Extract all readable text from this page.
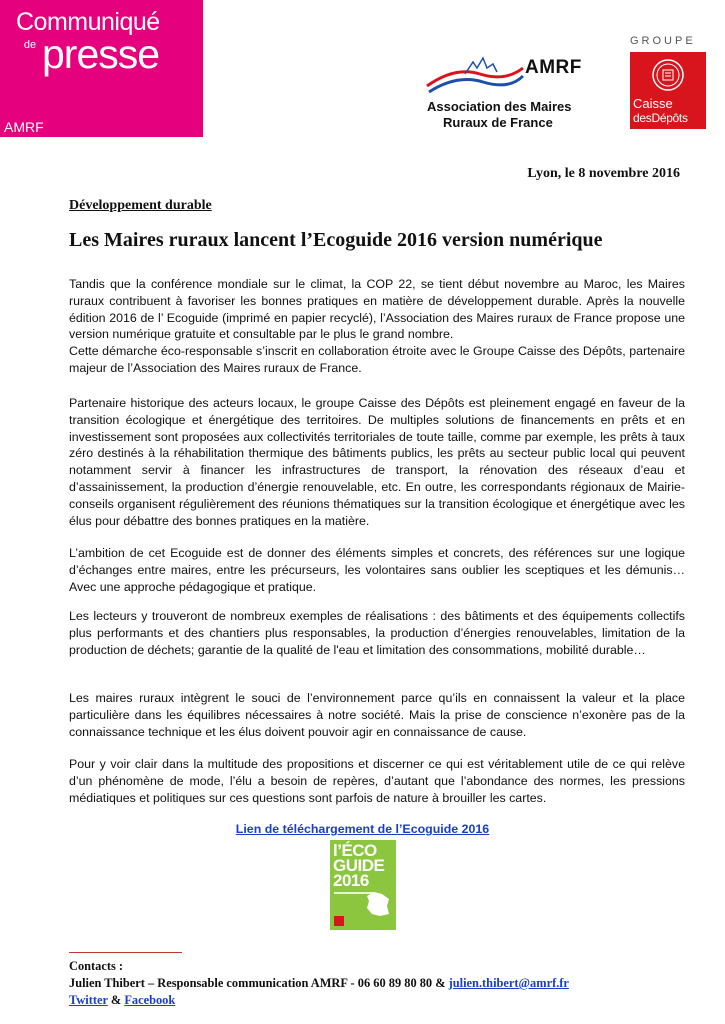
Communiqué
de presse
AMRF
AMRF
Association des Maires
Ruraux de France
GROUPE
Caisse
desDépôts
Lyon, le 8 novembre 2016
Développement durable
Les Maires ruraux lancent l’Ecoguide 2016 version numérique
Tandis que la conférence mondiale sur le climat, la COP 22, se tient début novembre au Maroc, les Maires ruraux contribuent à favoriser les bonnes pratiques en matière de développement durable. Après la nouvelle édition 2016 de l’ Ecoguide (imprimé en papier recyclé), l’Association des Maires ruraux de France propose une version numérique gratuite et consultable par le plus le grand nombre.
Cette démarche éco-responsable s’inscrit en collaboration étroite avec le Groupe Caisse des Dépôts, partenaire majeur de l’Association des Maires ruraux de France.
Partenaire historique des acteurs locaux, le groupe Caisse des Dépôts est pleinement engagé en faveur de la transition écologique et énergétique des territoires. De multiples solutions de financements en prêts et en investissement sont proposées aux collectivités territoriales de toute taille, comme par exemple, les prêts à taux zéro destinés à la réhabilitation thermique des bâtiments publics, les prêts au secteur public local qui peuvent notamment servir à financer les infrastructures de transport, la rénovation des réseaux d’eau et d’assainissement, la production d’énergie renouvelable, etc. En outre, les correspondants régionaux de Mairie-conseils organisent régulièrement des réunions thématiques sur la transition écologique et énergétique avec les élus pour débattre des bonnes pratiques en la matière.
L’ambition de cet Ecoguide est de donner des éléments simples et concrets, des références sur une logique d’échanges entre maires, entre les précurseurs, les volontaires sans oublier les sceptiques et les démunis… Avec une approche pédagogique et pratique.
Les lecteurs y trouveront de nombreux exemples de réalisations : des bâtiments et des équipements collectifs plus performants et des chantiers plus responsables, la production d’énergies renouvelables, limitation de la production de déchets; garantie de la qualité de l'eau et limitation des consommations, mobilité durable…
Les maires ruraux intègrent le souci de l’environnement parce qu’ils en connaissent la valeur et la place particulière dans les équilibres nécessaires à notre société. Mais la prise de conscience n’exonère pas de la connaissance technique et les élus doivent pouvoir agir en connaissance de cause.
Pour y voir clair dans la multitude des propositions et discerner ce qui est véritablement utile de ce qui relève d’un phénomène de mode, l’élu a besoin de repères, d’autant que l’abondance des normes, les pressions médiatiques et politiques sur ces questions sont parfois de nature à brouiller les cartes.
Lien de téléchargement de l’Ecoguide 2016
l’ÉCO
GUIDE
2016
Contacts :
Julien Thibert – Responsable communication AMRF - 06 60 89 80 80 & julien.thibert@amrf.fr
Twitter & Facebook
